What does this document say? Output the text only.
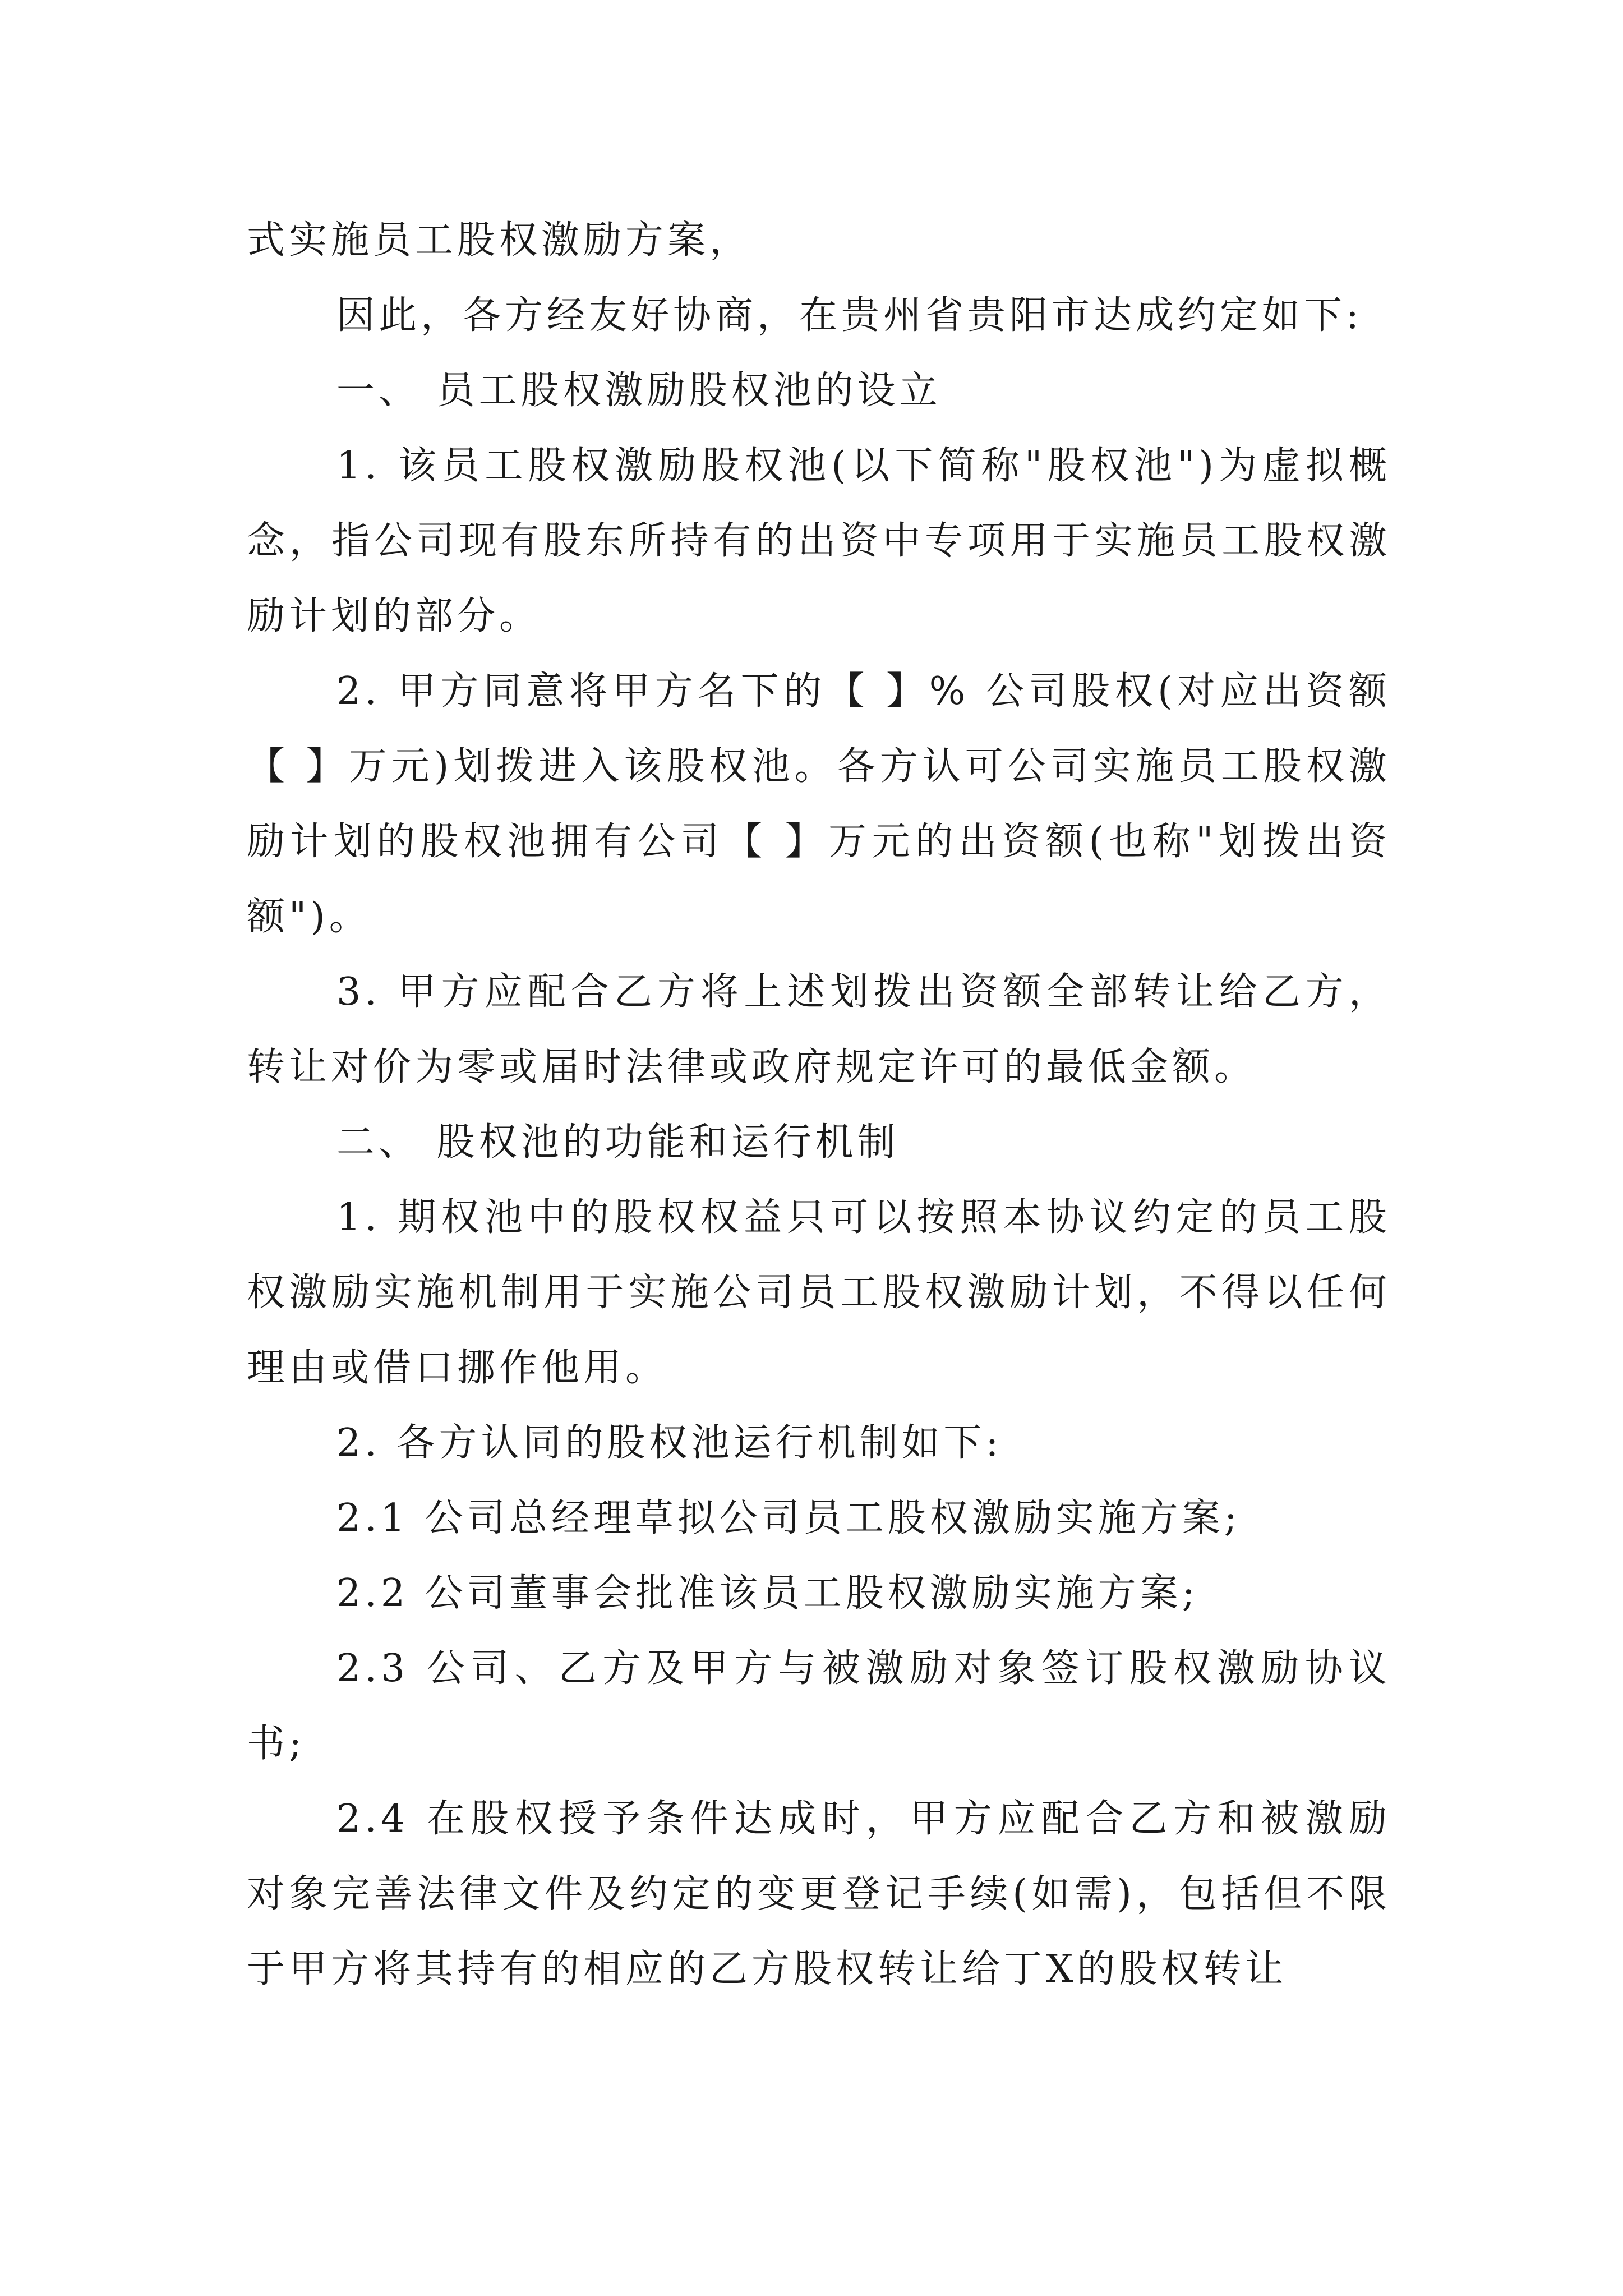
式实施员工股权激励方案，

因此，各方经友好协商，在贵州省贵阳市达成约定如下:

一、 员工股权激励股权池的设立

1. 该员工股权激励股权池(以下简称"股权池")为虚拟概念，指公司现有股东所持有的出资中专项用于实施员工股权激励计划的部分。

2. 甲方同意将甲方名下的【 】% 公司股权(对应出资额【 】万元)划拨进入该股权池。各方认可公司实施员工股权激励计划的股权池拥有公司【 】万元的出资额(也称"划拨出资额")。

3. 甲方应配合乙方将上述划拨出资额全部转让给乙方，转让对价为零或届时法律或政府规定许可的最低金额。

二、 股权池的功能和运行机制

1. 期权池中的股权权益只可以按照本协议约定的员工股权激励实施机制用于实施公司员工股权激励计划，不得以任何理由或借口挪作他用。

2. 各方认同的股权池运行机制如下:

2.1 公司总经理草拟公司员工股权激励实施方案;

2.2 公司董事会批准该员工股权激励实施方案;

2.3 公司、乙方及甲方与被激励对象签订股权激励协议书;

2.4 在股权授予条件达成时，甲方应配合乙方和被激励对象完善法律文件及约定的变更登记手续(如需)，包括但不限于甲方将其持有的相应的乙方股权转让给丁X的股权转让
